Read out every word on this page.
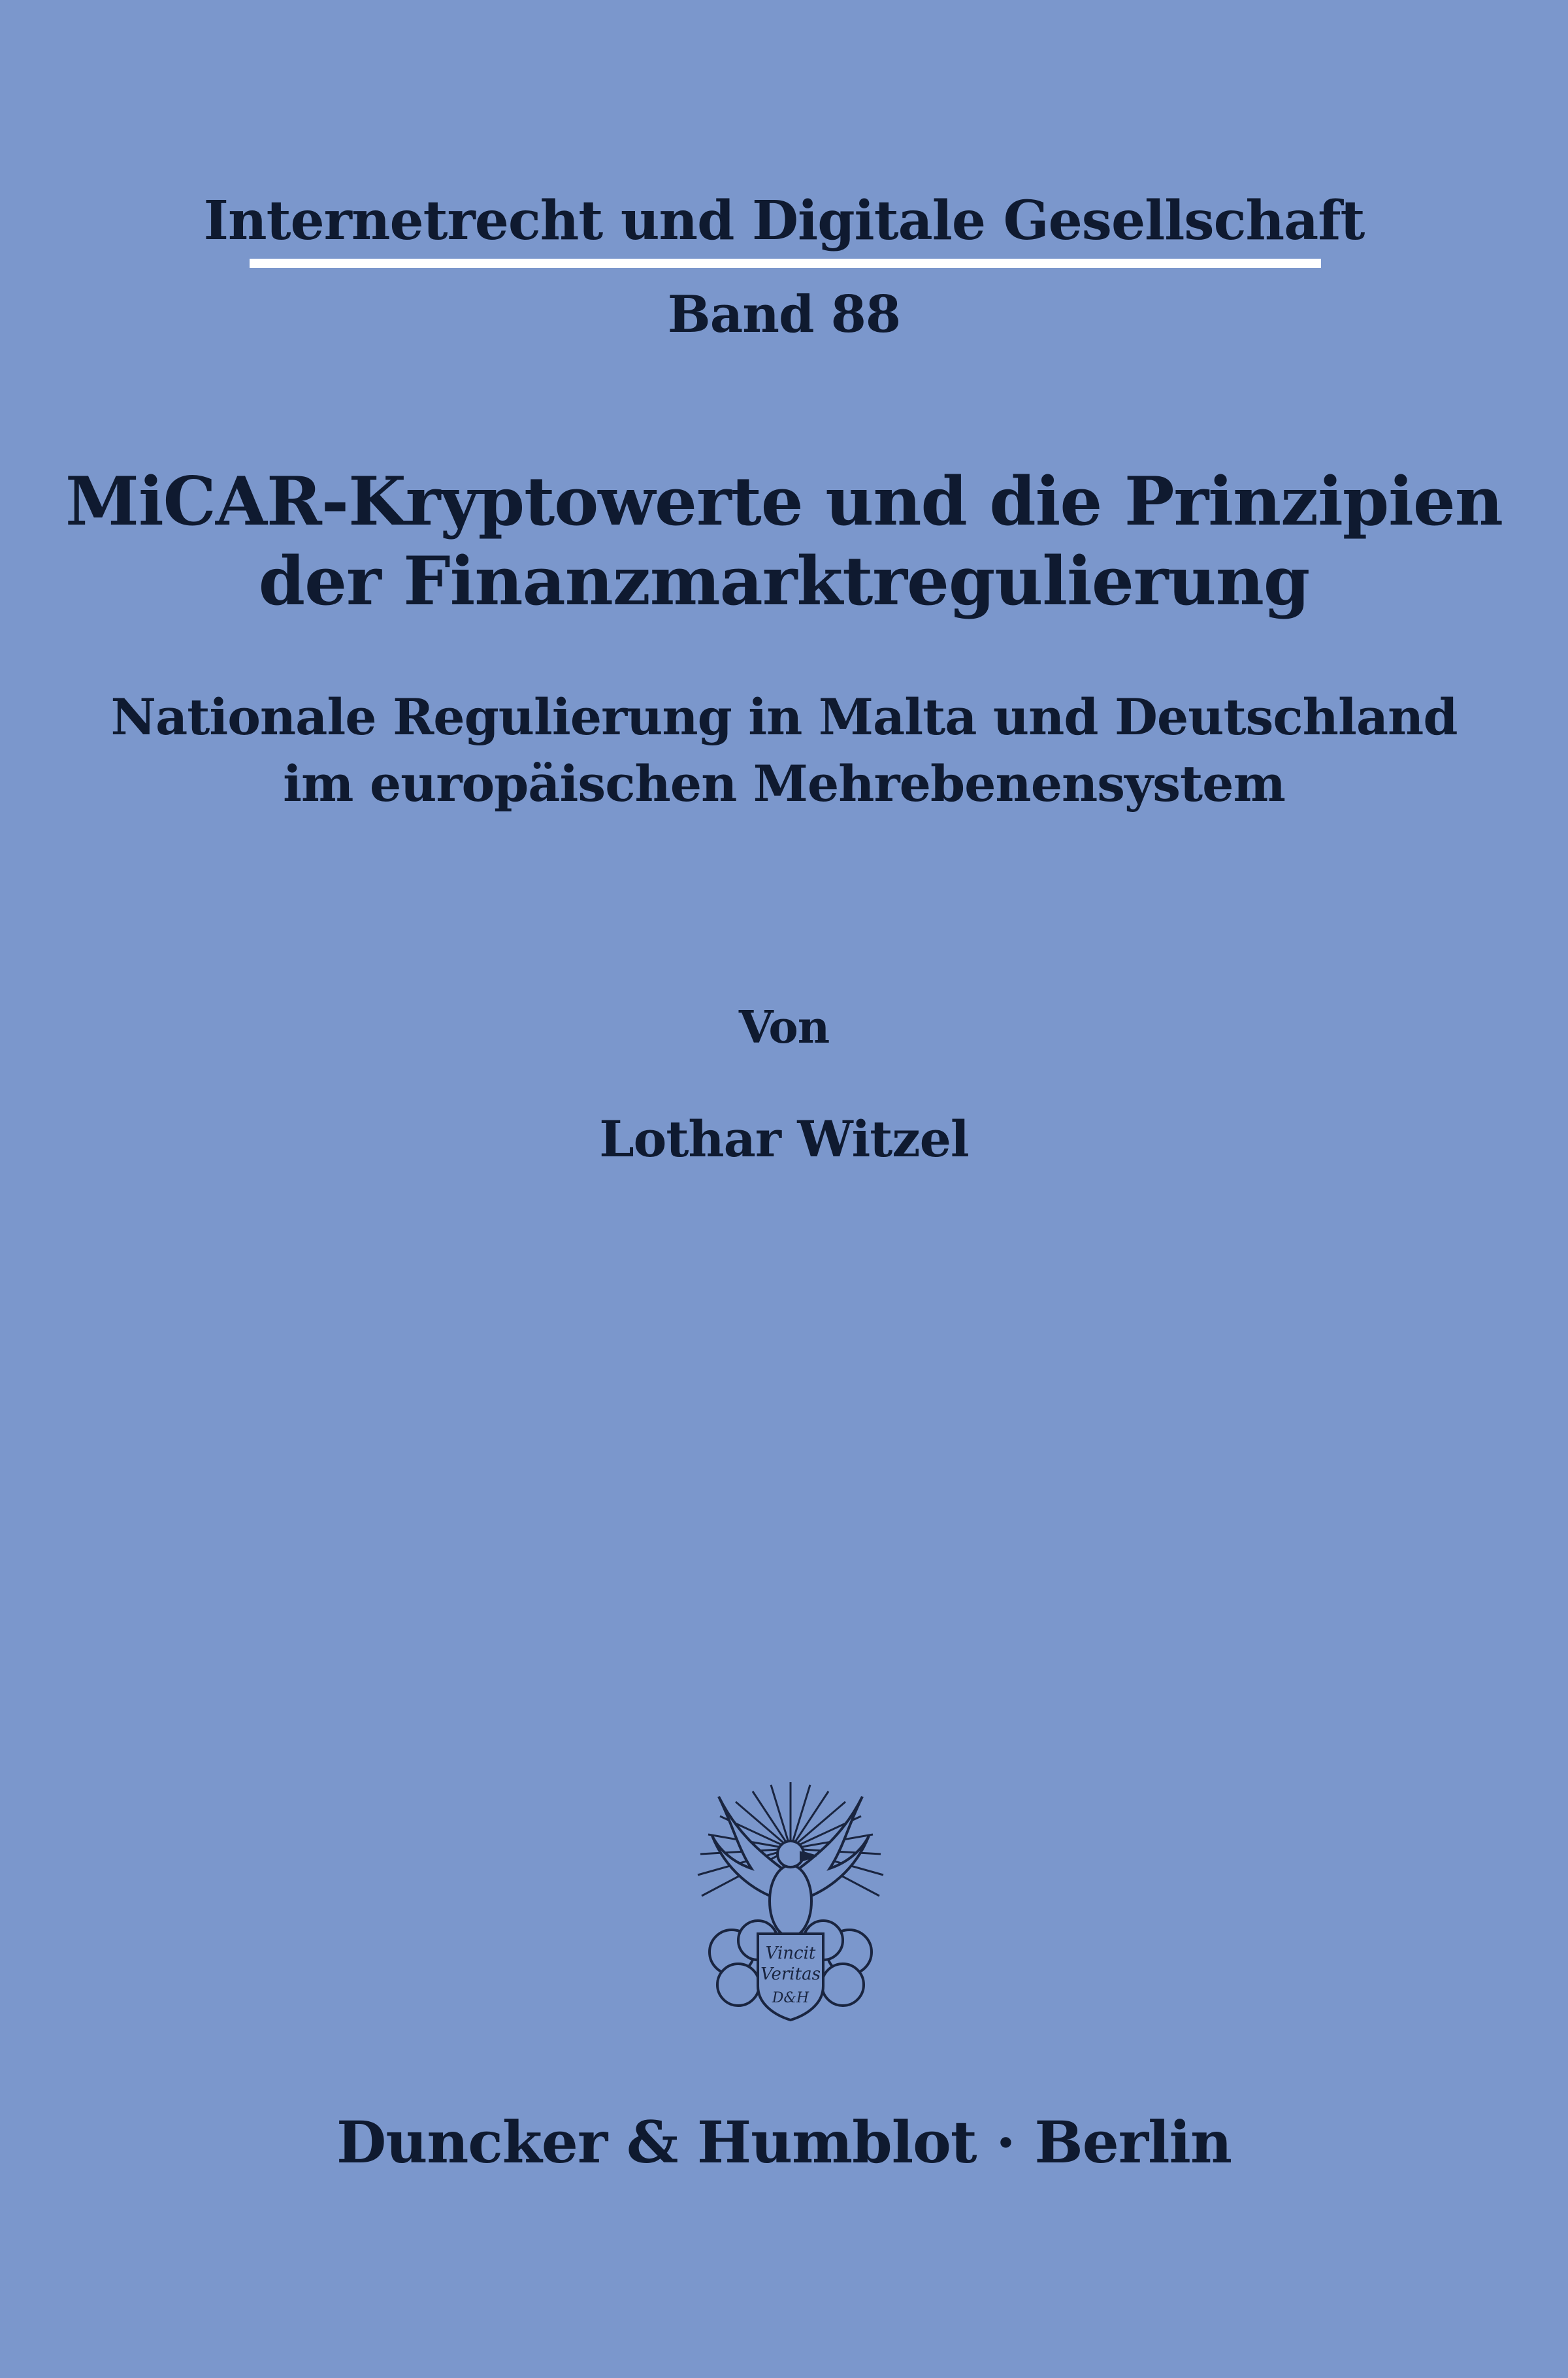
Internetrecht und Digitale Gesellschaft
Band 88
MiCAR-Kryptowerte und die Prinzipien
der Finanzmarktregulierung
Nationale Regulierung in Malta und Deutschland
im europäischen Mehrebenensystem
Von
Lothar Witzel
Vincit
Veritas
D&H
Duncker & Humblot · Berlin
